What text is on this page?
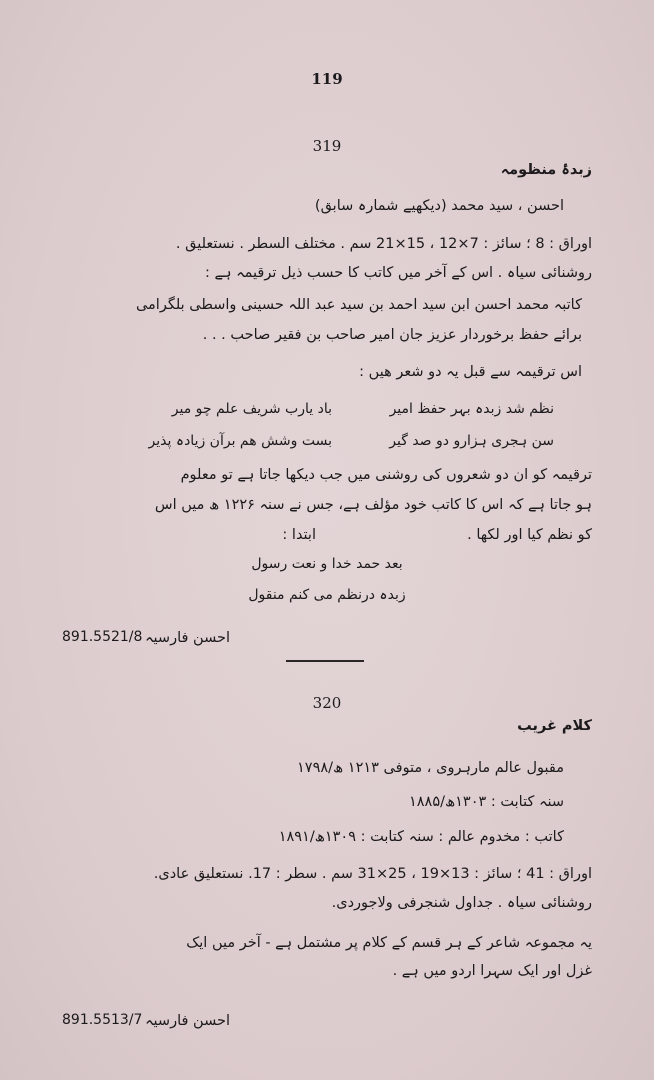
119
319
زبدۂ منظومہ
احسن ، سید محمد (دیکھیے شمارہ سابق)
اوراق : 8 ؛ سائز : 7×12 ، 15×21 سم . مختلف السطر . نستعلیق .
روشنائی سیاہ . اس کے آخر میں کاتب کا حسب ذیل ترقیمہ ہے :
کاتبہ محمد احسن ابن سید احمد بن سید عبد اللہ حسینی واسطی بلگرامی
برائے حفظ برخوردار عزیز جان امیر صاحب بن فقیر صاحب . . .
اس ترقیمہ سے قبل یہ دو شعر ھیں :
نظم شد زبدہ بہر حفظ امیر
باد یارب شریف علم چو میر
سن ہجری ہزارو دو صد گیر
بست وشش هم برآن زیادہ پذیر
ترقیمہ کو ان دو شعروں کی روشنی میں جب دیکھا جاتا ہے تو معلوم
ہو جاتا ہے کہ اس کا کاتب خود مؤلف ہے، جس نے سنہ ۱۲۲۶ ھ میں اس
کو نظم کیا اور لکھا .
ابتدا :
بعد حمد خدا و نعت رسول
زبدہ درنظم می کنم منقول
احسن فارسیہ
891.5521/8
320
کلام غریب
مقبول عالم مارہروی ، متوفی ۱۲۱۳ ھ/۱۷۹۸
سنہ کتابت : ۱۳۰۳ھ/۱۸۸۵
کاتب : مخدوم عالم : سنہ کتابت : ۱۳۰۹ھ/۱۸۹۱
اوراق : 41 ؛ سائز : 13×19 ، 25×31 سم . سطر : 17. نستعلیق عادی.
روشنائی سیاہ . جداول شنجرفی ولاجوردی.
یہ مجموعہ شاعر کے ہر قسم کے کلام پر مشتمل ہے - آخر میں ایک
غزل اور ایک سہرا اردو میں ہے .
احسن فارسیہ
891.5513/7
